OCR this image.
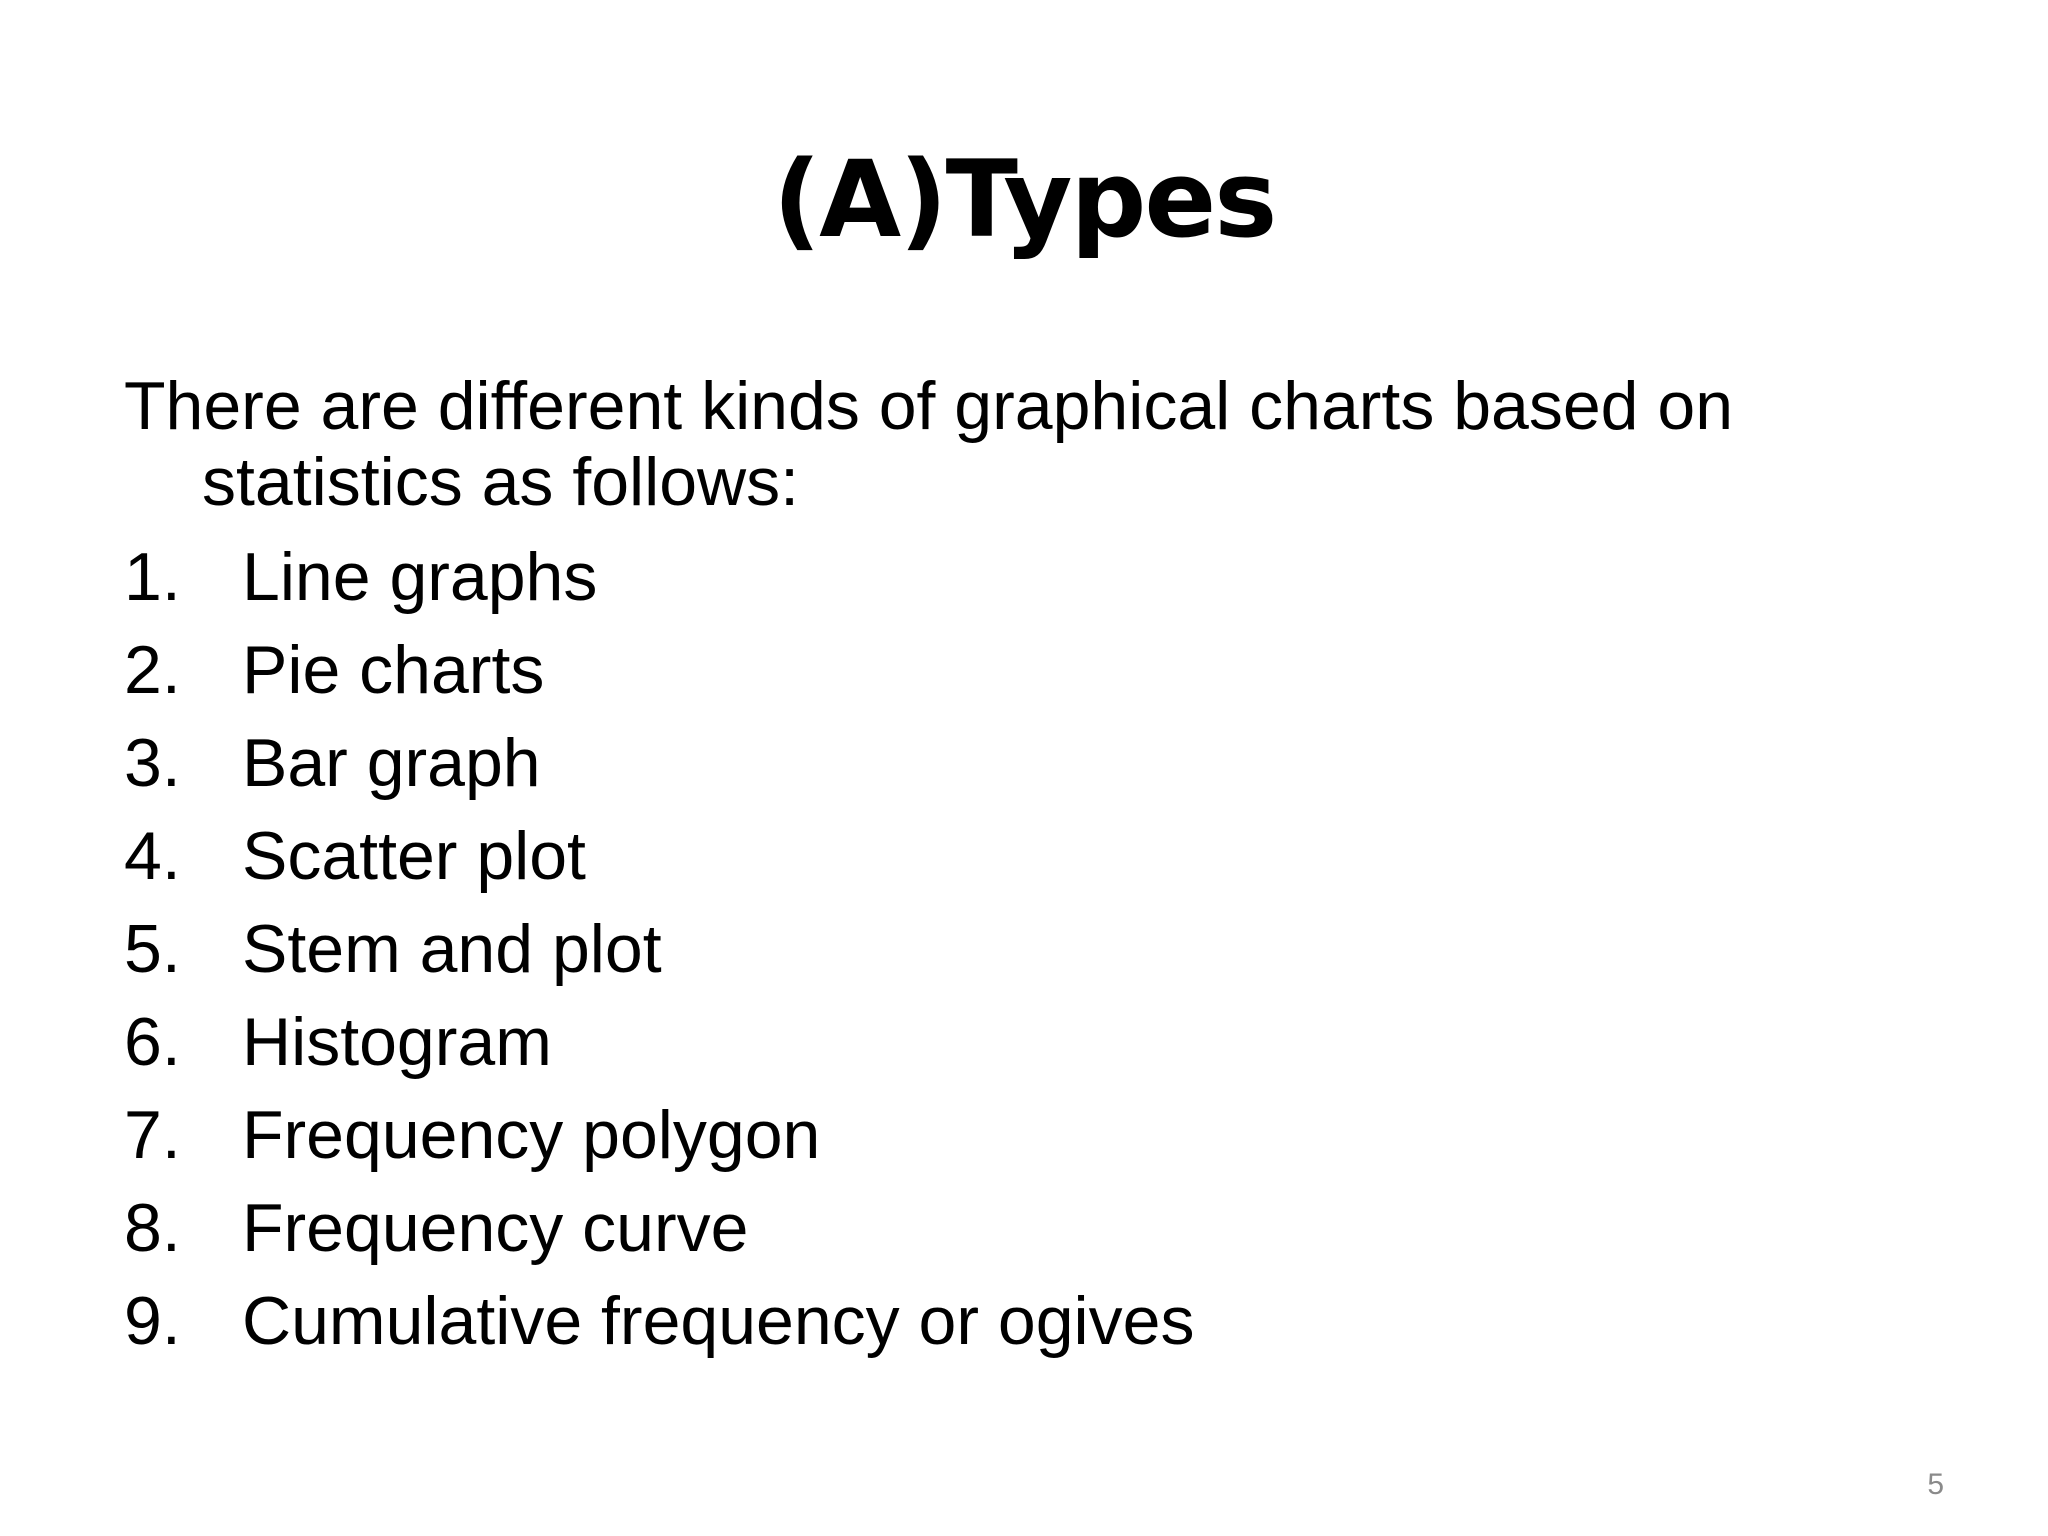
(A)Types

There are different kinds of graphical charts based on
statistics as follows:

1. Line graphs
2. Pie charts
3. Bar graph
4. Scatter plot
5. Stem and plot
6. Histogram
7. Frequency polygon
8. Frequency curve
9. Cumulative frequency or ogives
5
